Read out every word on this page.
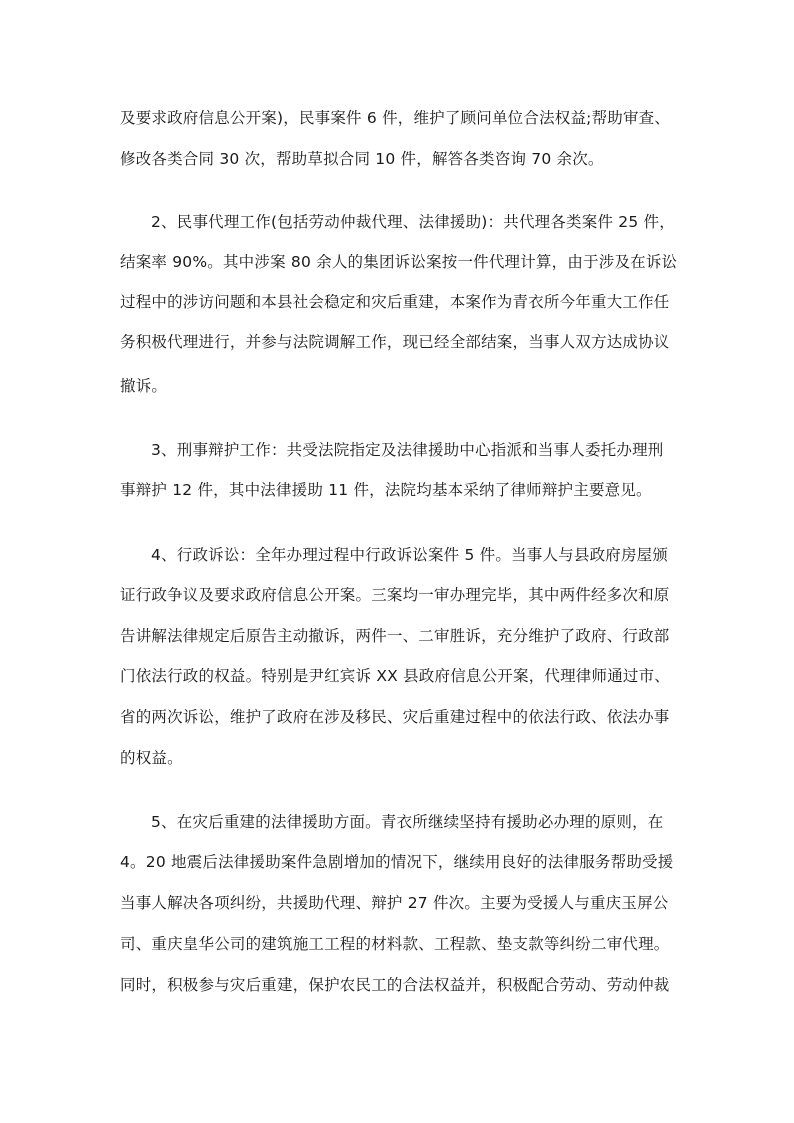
及要求政府信息公开案)，民事案件 6 件，维护了顾问单位合法权益;帮助审查、
修改各类合同 30 次，帮助草拟合同 10 件，解答各类咨询 70 余次。
2、民事代理工作(包括劳动仲裁代理、法律援助)：共代理各类案件 25 件，
结案率 90%。其中涉案 80 余人的集团诉讼案按一件代理计算，由于涉及在诉讼
过程中的涉访问题和本县社会稳定和灾后重建，本案作为青衣所今年重大工作任
务积极代理进行，并参与法院调解工作，现已经全部结案，当事人双方达成协议
撤诉。
3、刑事辩护工作：共受法院指定及法律援助中心指派和当事人委托办理刑
事辩护 12 件，其中法律援助 11 件，法院均基本采纳了律师辩护主要意见。
4、行政诉讼：全年办理过程中行政诉讼案件 5 件。当事人与县政府房屋颁
证行政争议及要求政府信息公开案。三案均一审办理完毕，其中两件经多次和原
告讲解法律规定后原告主动撤诉，两件一、二审胜诉，充分维护了政府、行政部
门依法行政的权益。特别是尹红宾诉 XX 县政府信息公开案，代理律师通过市、
省的两次诉讼，维护了政府在涉及移民、灾后重建过程中的依法行政、依法办事
的权益。
5、在灾后重建的法律援助方面。青衣所继续坚持有援助必办理的原则，在
4。20 地震后法律援助案件急剧增加的情况下，继续用良好的法律服务帮助受援
当事人解决各项纠纷，共援助代理、辩护 27 件次。主要为受援人与重庆玉屏公
司、重庆皇华公司的建筑施工工程的材料款、工程款、垫支款等纠纷二审代理。
同时，积极参与灾后重建，保护农民工的合法权益并，积极配合劳动、劳动仲裁
